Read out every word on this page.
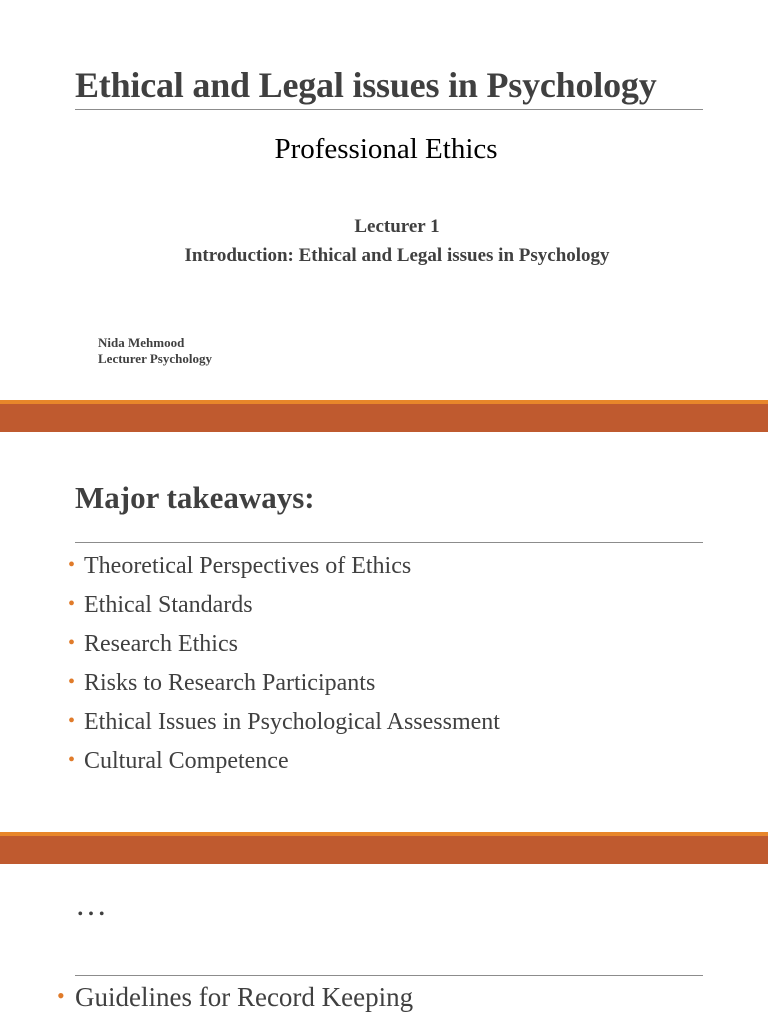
Ethical and Legal issues in Psychology
Professional Ethics
Lecturer 1
Introduction: Ethical and Legal issues in Psychology
Nida Mehmood
Lecturer Psychology
Major takeaways:
• Theoretical Perspectives of Ethics
• Ethical Standards
• Research Ethics
• Risks to Research Participants
• Ethical Issues in Psychological Assessment
• Cultural Competence
…
• Guidelines for Record Keeping
